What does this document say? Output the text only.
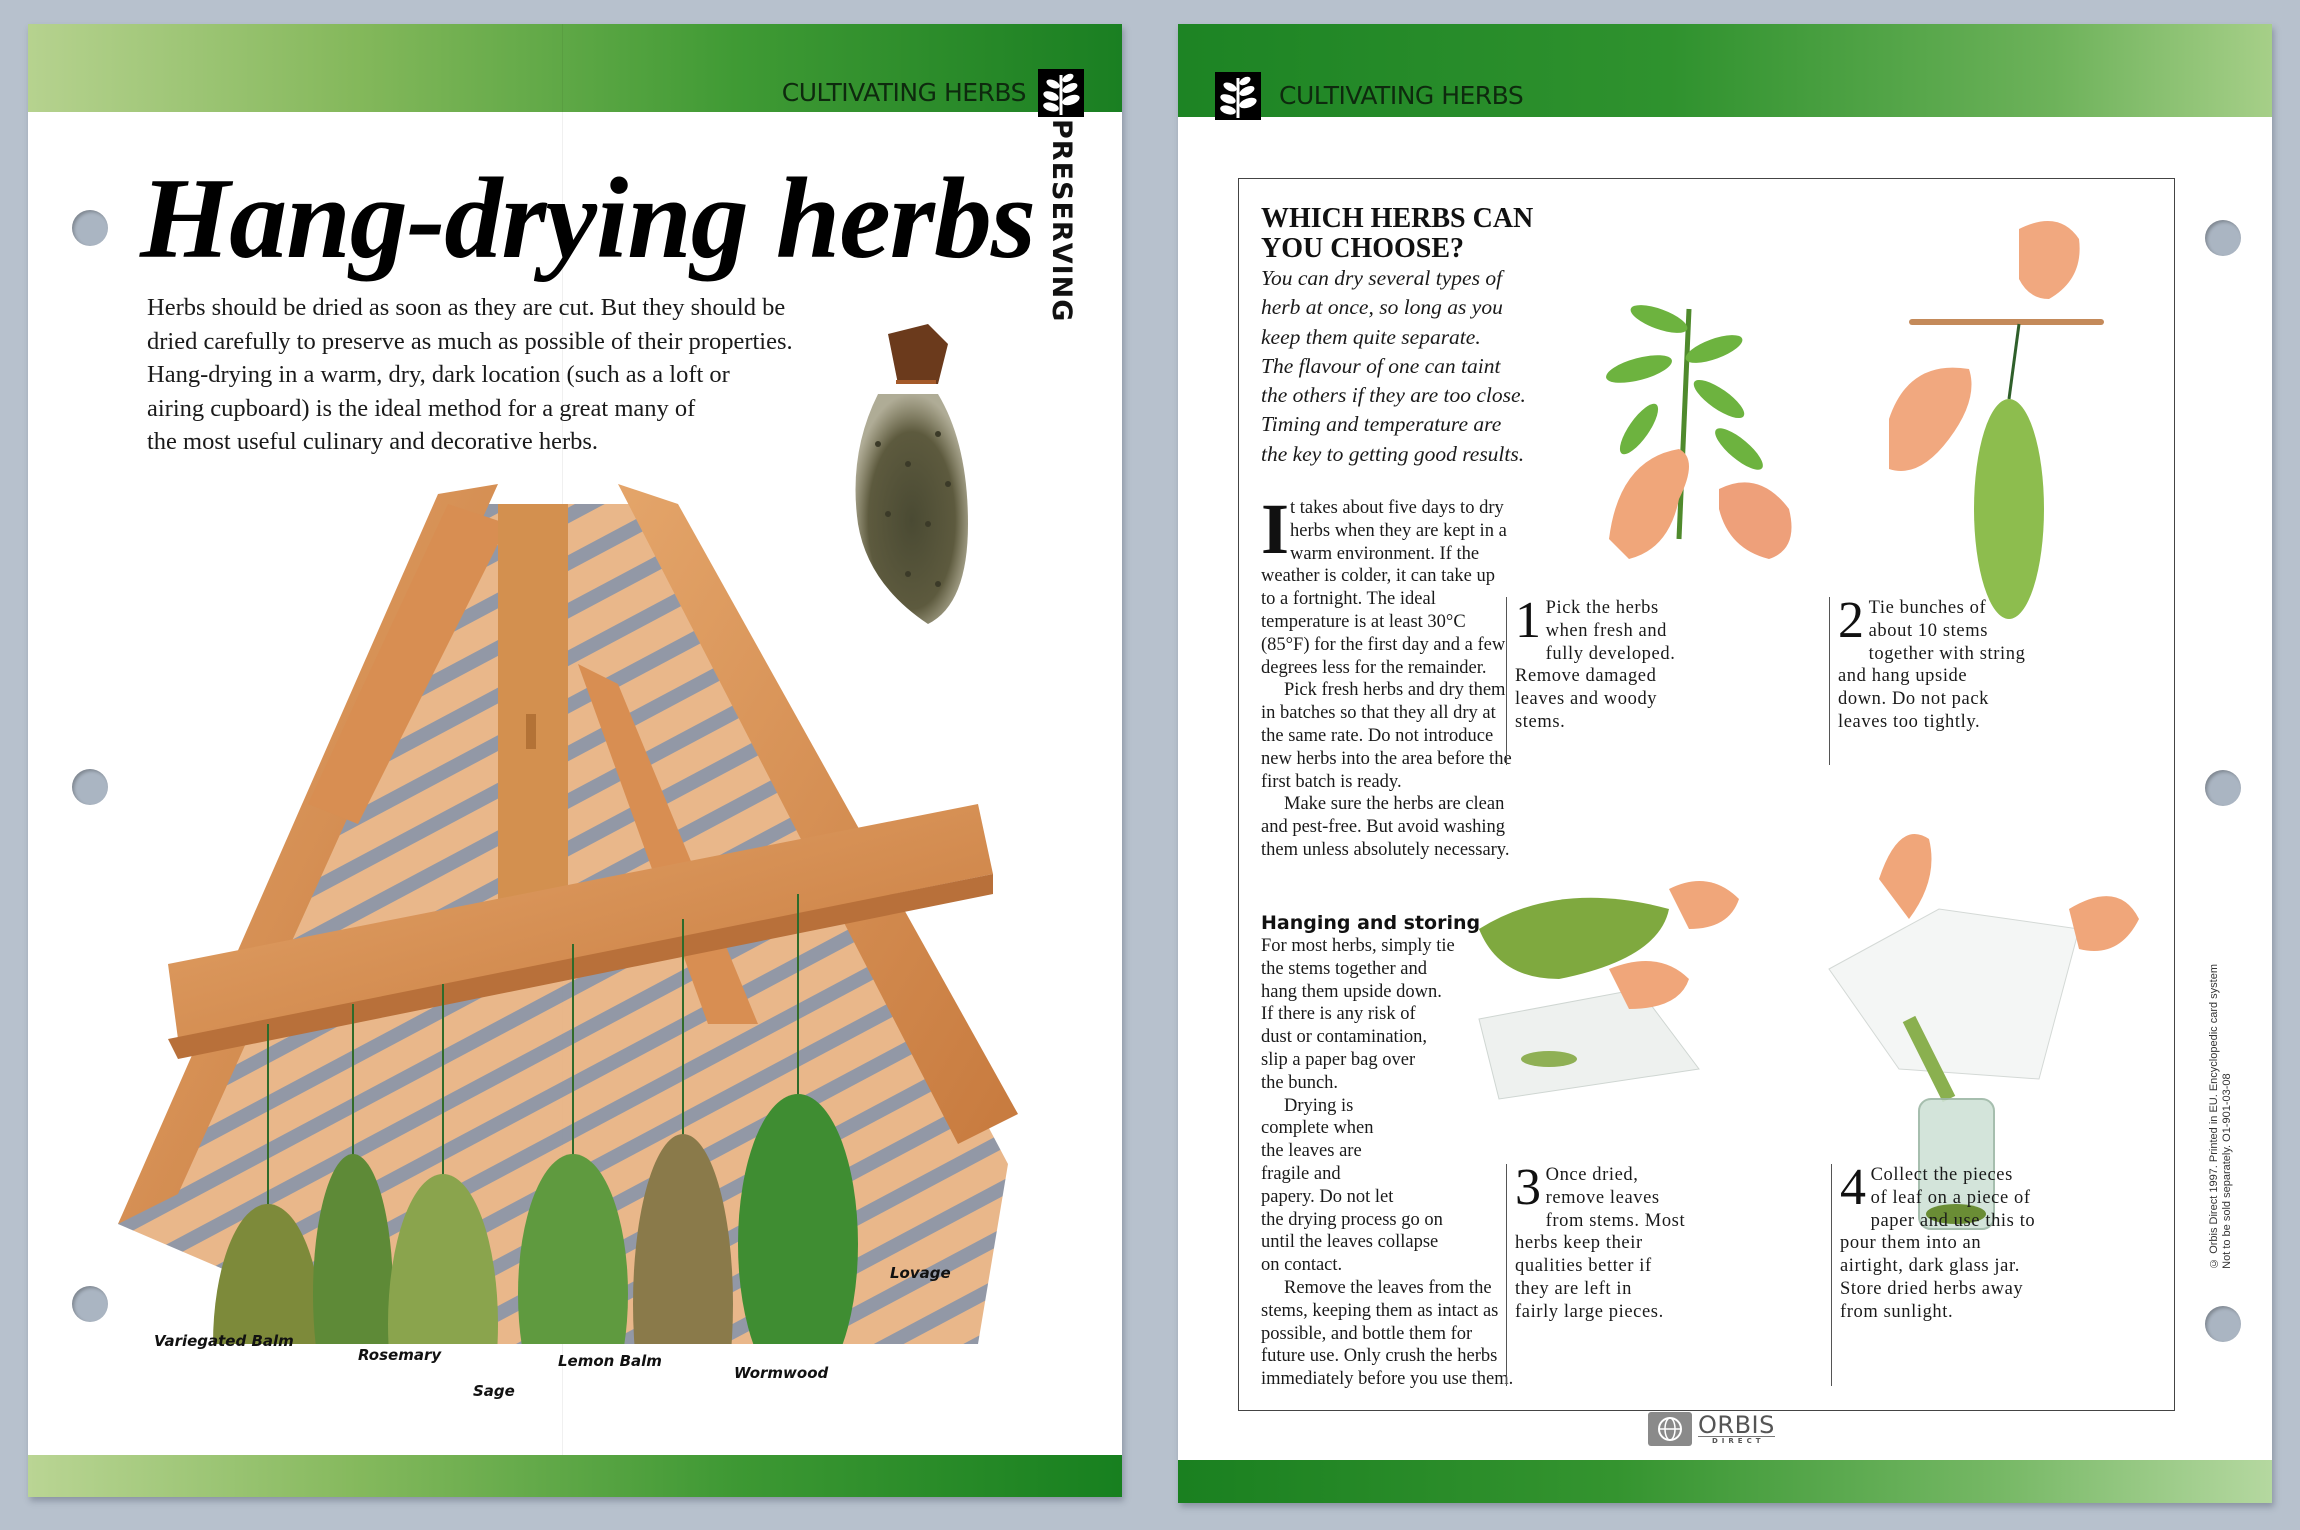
CULTIVATING HERBS
PRESERVING
Hang-drying herbs
Herbs should be dried as soon as they are cut. But they should be
dried carefully to preserve as much as possible of their properties.
Hang-drying in a warm, dry, dark location (such as a loft or
airing cupboard) is the ideal method for a great many of
the most useful culinary and decorative herbs.
Variegated Balm
Rosemary
Sage
Lemon Balm
Wormwood
Lovage
CULTIVATING HERBS
WHICH HERBS CAN
YOU CHOOSE?
You can dry several types of
herb at once, so long as you
keep them quite separate.
The flavour of one can taint
the others if they are too close.
Timing and temperature are
the key to getting good results.
I t takes about five days to dry
herbs when they are kept in a
warm environment. If the
weather is colder, it can take up
to a fortnight. The ideal
temperature is at least 30°C
(85°F) for the first day and a few
degrees less for the remainder.
Pick fresh herbs and dry them
in batches so that they all dry at
the same rate. Do not introduce
new herbs into the area before the
first batch is ready.
Make sure the herbs are clean
and pest-free. But avoid washing
them unless absolutely necessary.
Hanging and storing
For most herbs, simply tie
the stems together and
hang them upside down.
If there is any risk of
dust or contamination,
slip a paper bag over
the bunch.
Drying is
complete when
the leaves are
fragile and
papery. Do not let
the drying process go on
until the leaves collapse
on contact.
Remove the leaves from the
stems, keeping them as intact as
possible, and bottle them for
future use. Only crush the herbs
immediately before you use them.
1 Pick the herbs
when fresh and
fully developed.
Remove damaged
leaves and woody
stems.
2 Tie bunches of
about 10 stems
together with string
and hang upside
down. Do not pack
leaves too tightly.
3 Once dried,
remove leaves
from stems. Most
herbs keep their
qualities better if
they are left in
fairly large pieces.
4 Collect the pieces
of leaf on a piece of
paper and use this to
pour them into an
airtight, dark glass jar.
Store dried herbs away
from sunlight.
© Orbis Direct 1997. Printed in EU. Encyclopedic card system Not to be sold separately. O1-901-03-08
ORBIS
DIRECT
